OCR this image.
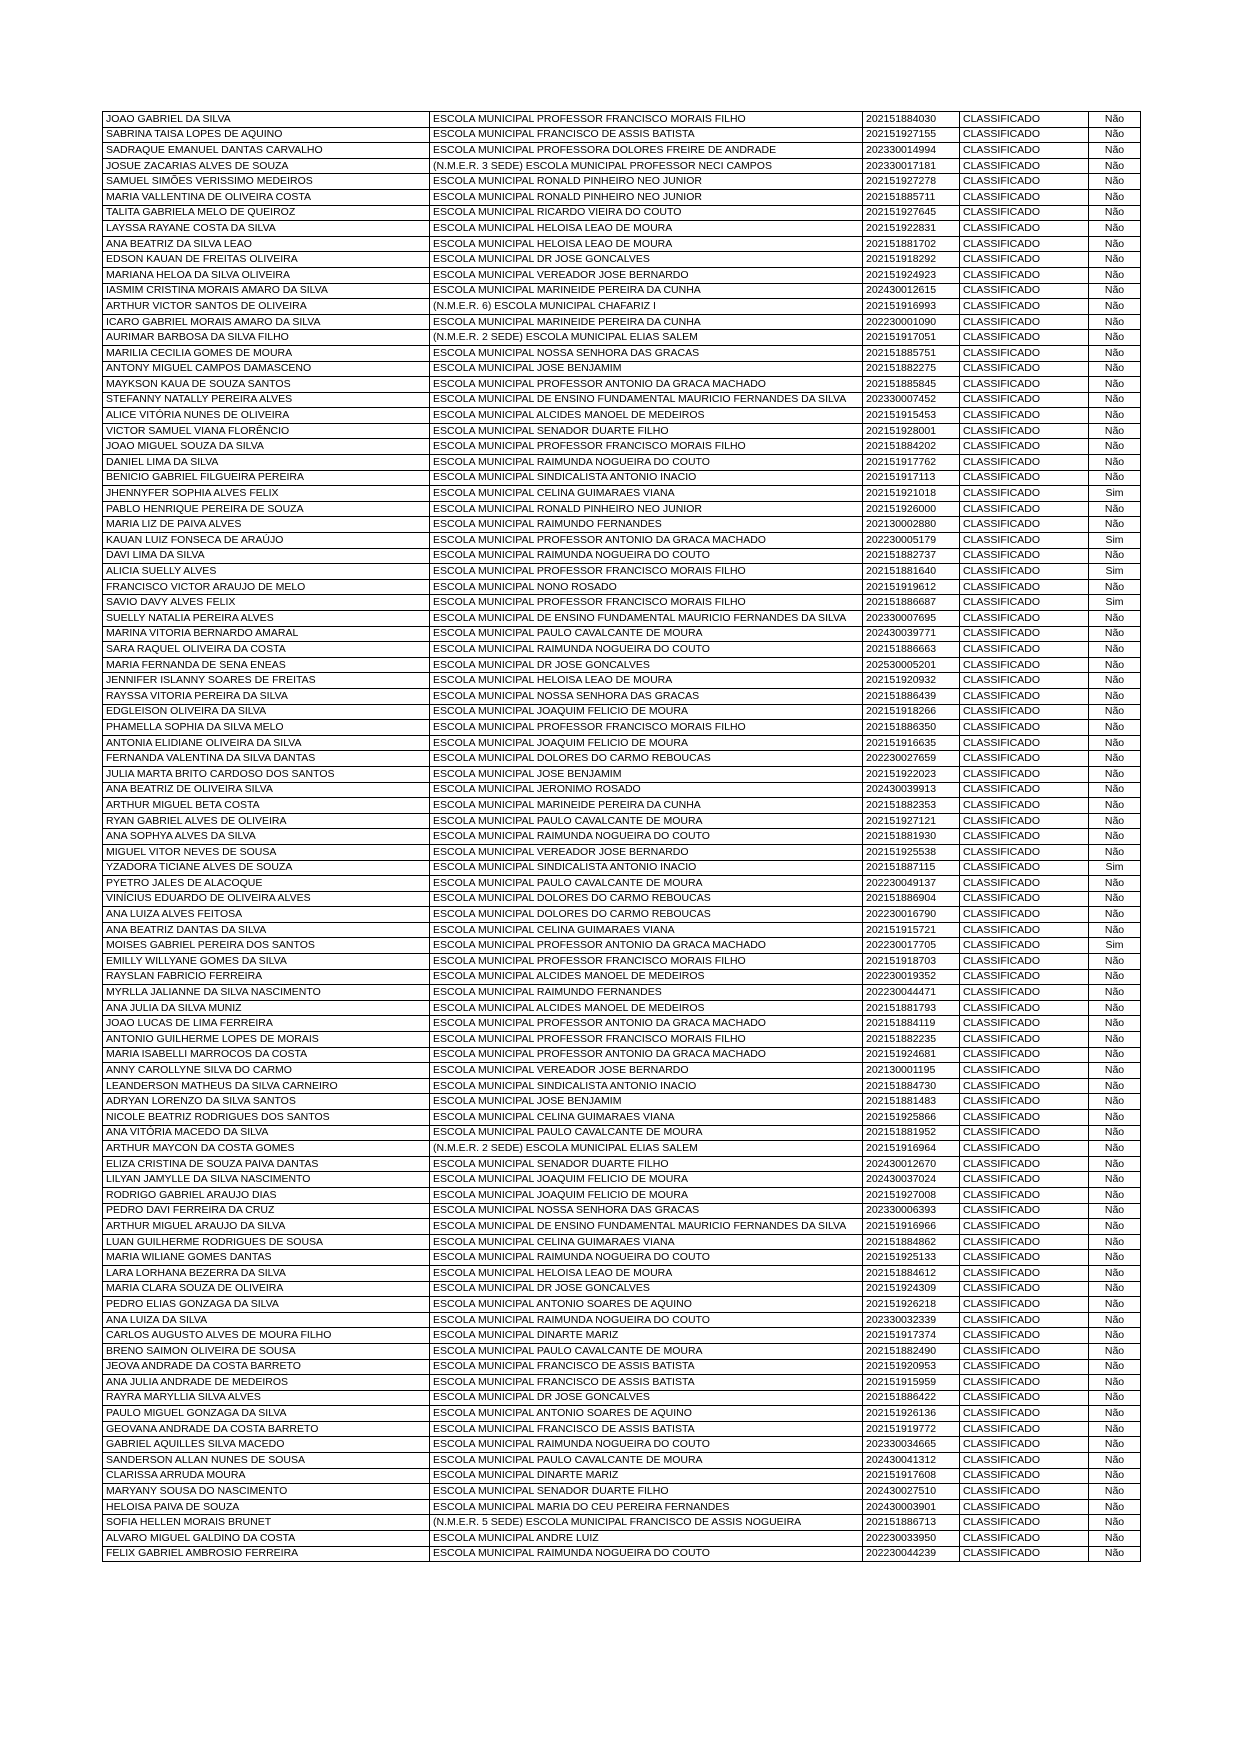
JOAO GABRIEL DA SILVA	ESCOLA MUNICIPAL PROFESSOR FRANCISCO MORAIS FILHO	202151884030	CLASSIFICADO	Não
SABRINA TAISA LOPES DE AQUINO	ESCOLA MUNICIPAL FRANCISCO DE ASSIS BATISTA	202151927155	CLASSIFICADO	Não
SADRAQUE EMANUEL DANTAS CARVALHO	ESCOLA MUNICIPAL PROFESSORA DOLORES FREIRE DE ANDRADE	202330014994	CLASSIFICADO	Não
JOSUE ZACARIAS ALVES DE SOUZA	(N.M.E.R. 3 SEDE) ESCOLA MUNICIPAL PROFESSOR NECI CAMPOS	202330017181	CLASSIFICADO	Não
SAMUEL SIMÕES VERISSIMO MEDEIROS	ESCOLA MUNICIPAL RONALD PINHEIRO NEO JUNIOR	202151927278	CLASSIFICADO	Não
MARIA VALLENTINA DE OLIVEIRA COSTA	ESCOLA MUNICIPAL RONALD PINHEIRO NEO JUNIOR	202151885711	CLASSIFICADO	Não
TALITA GABRIELA MELO DE QUEIROZ	ESCOLA MUNICIPAL RICARDO VIEIRA DO COUTO	202151927645	CLASSIFICADO	Não
LAYSSA RAYANE COSTA DA SILVA	ESCOLA MUNICIPAL HELOISA LEAO DE MOURA	202151922831	CLASSIFICADO	Não
ANA BEATRIZ DA SILVA LEAO	ESCOLA MUNICIPAL HELOISA LEAO DE MOURA	202151881702	CLASSIFICADO	Não
EDSON KAUAN DE FREITAS OLIVEIRA	ESCOLA MUNICIPAL DR JOSE GONCALVES	202151918292	CLASSIFICADO	Não
MARIANA HELOA DA SILVA OLIVEIRA	ESCOLA MUNICIPAL VEREADOR JOSE BERNARDO	202151924923	CLASSIFICADO	Não
IASMIM CRISTINA MORAIS AMARO DA SILVA	ESCOLA MUNICIPAL MARINEIDE PEREIRA DA CUNHA	202430012615	CLASSIFICADO	Não
ARTHUR VICTOR SANTOS DE OLIVEIRA	(N.M.E.R. 6) ESCOLA MUNICIPAL CHAFARIZ I	202151916993	CLASSIFICADO	Não
ICARO GABRIEL MORAIS AMARO DA SILVA	ESCOLA MUNICIPAL MARINEIDE PEREIRA DA CUNHA	202230001090	CLASSIFICADO	Não
AURIMAR BARBOSA DA SILVA FILHO	(N.M.E.R. 2 SEDE) ESCOLA MUNICIPAL ELIAS SALEM	202151917051	CLASSIFICADO	Não
MARILIA CECILIA GOMES DE MOURA	ESCOLA MUNICIPAL NOSSA SENHORA DAS GRACAS	202151885751	CLASSIFICADO	Não
ANTONY MIGUEL CAMPOS DAMASCENO	ESCOLA MUNICIPAL JOSE BENJAMIM	202151882275	CLASSIFICADO	Não
MAYKSON KAUA DE SOUZA SANTOS	ESCOLA MUNICIPAL PROFESSOR ANTONIO DA GRACA MACHADO	202151885845	CLASSIFICADO	Não
STEFANNY NATALLY PEREIRA ALVES	ESCOLA MUNICIPAL DE ENSINO FUNDAMENTAL MAURICIO FERNANDES DA SILVA	202330007452	CLASSIFICADO	Não
ALICE VITÓRIA NUNES DE OLIVEIRA	ESCOLA MUNICIPAL ALCIDES MANOEL DE MEDEIROS	202151915453	CLASSIFICADO	Não
VICTOR SAMUEL VIANA FLORÊNCIO	ESCOLA MUNICIPAL SENADOR DUARTE FILHO	202151928001	CLASSIFICADO	Não
JOAO MIGUEL SOUZA DA SILVA	ESCOLA MUNICIPAL PROFESSOR FRANCISCO MORAIS FILHO	202151884202	CLASSIFICADO	Não
DANIEL LIMA DA SILVA	ESCOLA MUNICIPAL RAIMUNDA NOGUEIRA DO COUTO	202151917762	CLASSIFICADO	Não
BENICIO GABRIEL FILGUEIRA PEREIRA	ESCOLA MUNICIPAL SINDICALISTA ANTONIO INACIO	202151917113	CLASSIFICADO	Não
JHENNYFER SOPHIA ALVES FELIX	ESCOLA MUNICIPAL CELINA GUIMARAES VIANA	202151921018	CLASSIFICADO	Sim
PABLO HENRIQUE PEREIRA DE SOUZA	ESCOLA MUNICIPAL RONALD PINHEIRO NEO JUNIOR	202151926000	CLASSIFICADO	Não
MARIA LIZ DE PAIVA ALVES	ESCOLA MUNICIPAL RAIMUNDO FERNANDES	202130002880	CLASSIFICADO	Não
KAUAN LUIZ FONSECA DE ARAÚJO	ESCOLA MUNICIPAL PROFESSOR ANTONIO DA GRACA MACHADO	202230005179	CLASSIFICADO	Sim
DAVI LIMA DA SILVA	ESCOLA MUNICIPAL RAIMUNDA NOGUEIRA DO COUTO	202151882737	CLASSIFICADO	Não
ALICIA SUELLY ALVES	ESCOLA MUNICIPAL PROFESSOR FRANCISCO MORAIS FILHO	202151881640	CLASSIFICADO	Sim
FRANCISCO VICTOR ARAUJO DE MELO	ESCOLA MUNICIPAL NONO ROSADO	202151919612	CLASSIFICADO	Não
SAVIO DAVY ALVES FELIX	ESCOLA MUNICIPAL PROFESSOR FRANCISCO MORAIS FILHO	202151886687	CLASSIFICADO	Sim
SUELLY NATALIA PEREIRA ALVES	ESCOLA MUNICIPAL DE ENSINO FUNDAMENTAL MAURICIO FERNANDES DA SILVA	202330007695	CLASSIFICADO	Não
MARINA VITORIA BERNARDO AMARAL	ESCOLA MUNICIPAL PAULO CAVALCANTE DE MOURA	202430039771	CLASSIFICADO	Não
SARA RAQUEL OLIVEIRA DA COSTA	ESCOLA MUNICIPAL RAIMUNDA NOGUEIRA DO COUTO	202151886663	CLASSIFICADO	Não
MARIA FERNANDA DE SENA ENEAS	ESCOLA MUNICIPAL DR JOSE GONCALVES	202530005201	CLASSIFICADO	Não
JENNIFER ISLANNY SOARES DE FREITAS	ESCOLA MUNICIPAL HELOISA LEAO DE MOURA	202151920932	CLASSIFICADO	Não
RAYSSA VITORIA PEREIRA DA SILVA	ESCOLA MUNICIPAL NOSSA SENHORA DAS GRACAS	202151886439	CLASSIFICADO	Não
EDGLEISON OLIVEIRA DA SILVA	ESCOLA MUNICIPAL JOAQUIM FELICIO DE MOURA	202151918266	CLASSIFICADO	Não
PHAMELLA SOPHIA DA SILVA MELO	ESCOLA MUNICIPAL PROFESSOR FRANCISCO MORAIS FILHO	202151886350	CLASSIFICADO	Não
ANTONIA ELIDIANE OLIVEIRA DA SILVA	ESCOLA MUNICIPAL JOAQUIM FELICIO DE MOURA	202151916635	CLASSIFICADO	Não
FERNANDA VALENTINA DA SILVA DANTAS	ESCOLA MUNICIPAL DOLORES DO CARMO REBOUCAS	202230027659	CLASSIFICADO	Não
JULIA MARTA BRITO CARDOSO DOS SANTOS	ESCOLA MUNICIPAL JOSE BENJAMIM	202151922023	CLASSIFICADO	Não
ANA BEATRIZ DE OLIVEIRA SILVA	ESCOLA MUNICIPAL JERONIMO ROSADO	202430039913	CLASSIFICADO	Não
ARTHUR MIGUEL BETA COSTA	ESCOLA MUNICIPAL MARINEIDE PEREIRA DA CUNHA	202151882353	CLASSIFICADO	Não
RYAN GABRIEL ALVES DE OLIVEIRA	ESCOLA MUNICIPAL PAULO CAVALCANTE DE MOURA	202151927121	CLASSIFICADO	Não
ANA SOPHYA ALVES DA SILVA	ESCOLA MUNICIPAL RAIMUNDA NOGUEIRA DO COUTO	202151881930	CLASSIFICADO	Não
MIGUEL VITOR NEVES DE SOUSA	ESCOLA MUNICIPAL VEREADOR JOSE BERNARDO	202151925538	CLASSIFICADO	Não
YZADORA TICIANE ALVES DE SOUZA	ESCOLA MUNICIPAL SINDICALISTA ANTONIO INACIO	202151887115	CLASSIFICADO	Sim
PYETRO JALES DE ALACOQUE	ESCOLA MUNICIPAL PAULO CAVALCANTE DE MOURA	202230049137	CLASSIFICADO	Não
VINÍCIUS EDUARDO DE OLIVEIRA ALVES	ESCOLA MUNICIPAL DOLORES DO CARMO REBOUCAS	202151886904	CLASSIFICADO	Não
ANA LUIZA ALVES FEITOSA	ESCOLA MUNICIPAL DOLORES DO CARMO REBOUCAS	202230016790	CLASSIFICADO	Não
ANA BEATRIZ DANTAS DA SILVA	ESCOLA MUNICIPAL CELINA GUIMARAES VIANA	202151915721	CLASSIFICADO	Não
MOISES GABRIEL PEREIRA DOS SANTOS	ESCOLA MUNICIPAL PROFESSOR ANTONIO DA GRACA MACHADO	202230017705	CLASSIFICADO	Sim
EMILLY WILLYANE GOMES DA SILVA	ESCOLA MUNICIPAL PROFESSOR FRANCISCO MORAIS FILHO	202151918703	CLASSIFICADO	Não
RAYSLAN FABRICIO FERREIRA	ESCOLA MUNICIPAL ALCIDES MANOEL DE MEDEIROS	202230019352	CLASSIFICADO	Não
MYRLLA JALIANNE DA SILVA NASCIMENTO	ESCOLA MUNICIPAL RAIMUNDO FERNANDES	202230044471	CLASSIFICADO	Não
ANA JULIA DA SILVA MUNIZ	ESCOLA MUNICIPAL ALCIDES MANOEL DE MEDEIROS	202151881793	CLASSIFICADO	Não
JOAO LUCAS DE LIMA FERREIRA	ESCOLA MUNICIPAL PROFESSOR ANTONIO DA GRACA MACHADO	202151884119	CLASSIFICADO	Não
ANTONIO GUILHERME LOPES DE MORAIS	ESCOLA MUNICIPAL PROFESSOR FRANCISCO MORAIS FILHO	202151882235	CLASSIFICADO	Não
MARIA ISABELLI MARROCOS DA COSTA	ESCOLA MUNICIPAL PROFESSOR ANTONIO DA GRACA MACHADO	202151924681	CLASSIFICADO	Não
ANNY CAROLLYNE SILVA DO CARMO	ESCOLA MUNICIPAL VEREADOR JOSE BERNARDO	202130001195	CLASSIFICADO	Não
LEANDERSON MATHEUS DA SILVA CARNEIRO	ESCOLA MUNICIPAL SINDICALISTA ANTONIO INACIO	202151884730	CLASSIFICADO	Não
ADRYAN LORENZO DA SILVA SANTOS	ESCOLA MUNICIPAL JOSE BENJAMIM	202151881483	CLASSIFICADO	Não
NICOLE BEATRIZ RODRIGUES DOS SANTOS	ESCOLA MUNICIPAL CELINA GUIMARAES VIANA	202151925866	CLASSIFICADO	Não
ANA VITÓRIA MACEDO DA SILVA	ESCOLA MUNICIPAL PAULO CAVALCANTE DE MOURA	202151881952	CLASSIFICADO	Não
ARTHUR MAYCON DA COSTA GOMES	(N.M.E.R. 2 SEDE) ESCOLA MUNICIPAL ELIAS SALEM	202151916964	CLASSIFICADO	Não
ELIZA CRISTINA DE SOUZA PAIVA DANTAS	ESCOLA MUNICIPAL SENADOR DUARTE FILHO	202430012670	CLASSIFICADO	Não
LILYAN JAMYLLE DA SILVA NASCIMENTO	ESCOLA MUNICIPAL JOAQUIM FELICIO DE MOURA	202430037024	CLASSIFICADO	Não
RODRIGO GABRIEL ARAUJO DIAS	ESCOLA MUNICIPAL JOAQUIM FELICIO DE MOURA	202151927008	CLASSIFICADO	Não
PEDRO DAVI FERREIRA DA CRUZ	ESCOLA MUNICIPAL NOSSA SENHORA DAS GRACAS	202330006393	CLASSIFICADO	Não
ARTHUR MIGUEL ARAUJO DA SILVA	ESCOLA MUNICIPAL DE ENSINO FUNDAMENTAL MAURICIO FERNANDES DA SILVA	202151916966	CLASSIFICADO	Não
LUAN GUILHERME RODRIGUES DE SOUSA	ESCOLA MUNICIPAL CELINA GUIMARAES VIANA	202151884862	CLASSIFICADO	Não
MARIA WILIANE GOMES DANTAS	ESCOLA MUNICIPAL RAIMUNDA NOGUEIRA DO COUTO	202151925133	CLASSIFICADO	Não
LARA LORHANA BEZERRA DA SILVA	ESCOLA MUNICIPAL HELOISA LEAO DE MOURA	202151884612	CLASSIFICADO	Não
MARIA CLARA SOUZA DE OLIVEIRA	ESCOLA MUNICIPAL DR JOSE GONCALVES	202151924309	CLASSIFICADO	Não
PEDRO ELIAS GONZAGA DA SILVA	ESCOLA MUNICIPAL ANTONIO SOARES DE AQUINO	202151926218	CLASSIFICADO	Não
ANA LUIZA DA SILVA	ESCOLA MUNICIPAL RAIMUNDA NOGUEIRA DO COUTO	202330032339	CLASSIFICADO	Não
CARLOS AUGUSTO ALVES DE MOURA FILHO	ESCOLA MUNICIPAL DINARTE MARIZ	202151917374	CLASSIFICADO	Não
BRENO SAIMON OLIVEIRA DE SOUSA	ESCOLA MUNICIPAL PAULO CAVALCANTE DE MOURA	202151882490	CLASSIFICADO	Não
JEOVA ANDRADE DA COSTA BARRETO	ESCOLA MUNICIPAL FRANCISCO DE ASSIS BATISTA	202151920953	CLASSIFICADO	Não
ANA JULIA ANDRADE DE MEDEIROS	ESCOLA MUNICIPAL FRANCISCO DE ASSIS BATISTA	202151915959	CLASSIFICADO	Não
RAYRA MARYLLIA SILVA ALVES	ESCOLA MUNICIPAL DR JOSE GONCALVES	202151886422	CLASSIFICADO	Não
PAULO MIGUEL GONZAGA DA SILVA	ESCOLA MUNICIPAL ANTONIO SOARES DE AQUINO	202151926136	CLASSIFICADO	Não
GEOVANA ANDRADE DA COSTA BARRETO	ESCOLA MUNICIPAL FRANCISCO DE ASSIS BATISTA	202151919772	CLASSIFICADO	Não
GABRIEL AQUILLES SILVA MACEDO	ESCOLA MUNICIPAL RAIMUNDA NOGUEIRA DO COUTO	202330034665	CLASSIFICADO	Não
SANDERSON ALLAN NUNES DE SOUSA	ESCOLA MUNICIPAL PAULO CAVALCANTE DE MOURA	202430041312	CLASSIFICADO	Não
CLARISSA ARRUDA MOURA	ESCOLA MUNICIPAL DINARTE MARIZ	202151917608	CLASSIFICADO	Não
MARYANY SOUSA DO NASCIMENTO	ESCOLA MUNICIPAL SENADOR DUARTE FILHO	202430027510	CLASSIFICADO	Não
HELOISA PAIVA DE SOUZA	ESCOLA MUNICIPAL MARIA DO CEU PEREIRA FERNANDES	202430003901	CLASSIFICADO	Não
SOFIA HELLEN MORAIS BRUNET	(N.M.E.R. 5 SEDE) ESCOLA MUNICIPAL FRANCISCO DE ASSIS NOGUEIRA	202151886713	CLASSIFICADO	Não
ALVARO MIGUEL GALDINO DA COSTA	ESCOLA MUNICIPAL ANDRE LUIZ	202230033950	CLASSIFICADO	Não
FELIX GABRIEL AMBROSIO FERREIRA	ESCOLA MUNICIPAL RAIMUNDA NOGUEIRA DO COUTO	202230044239	CLASSIFICADO	Não
